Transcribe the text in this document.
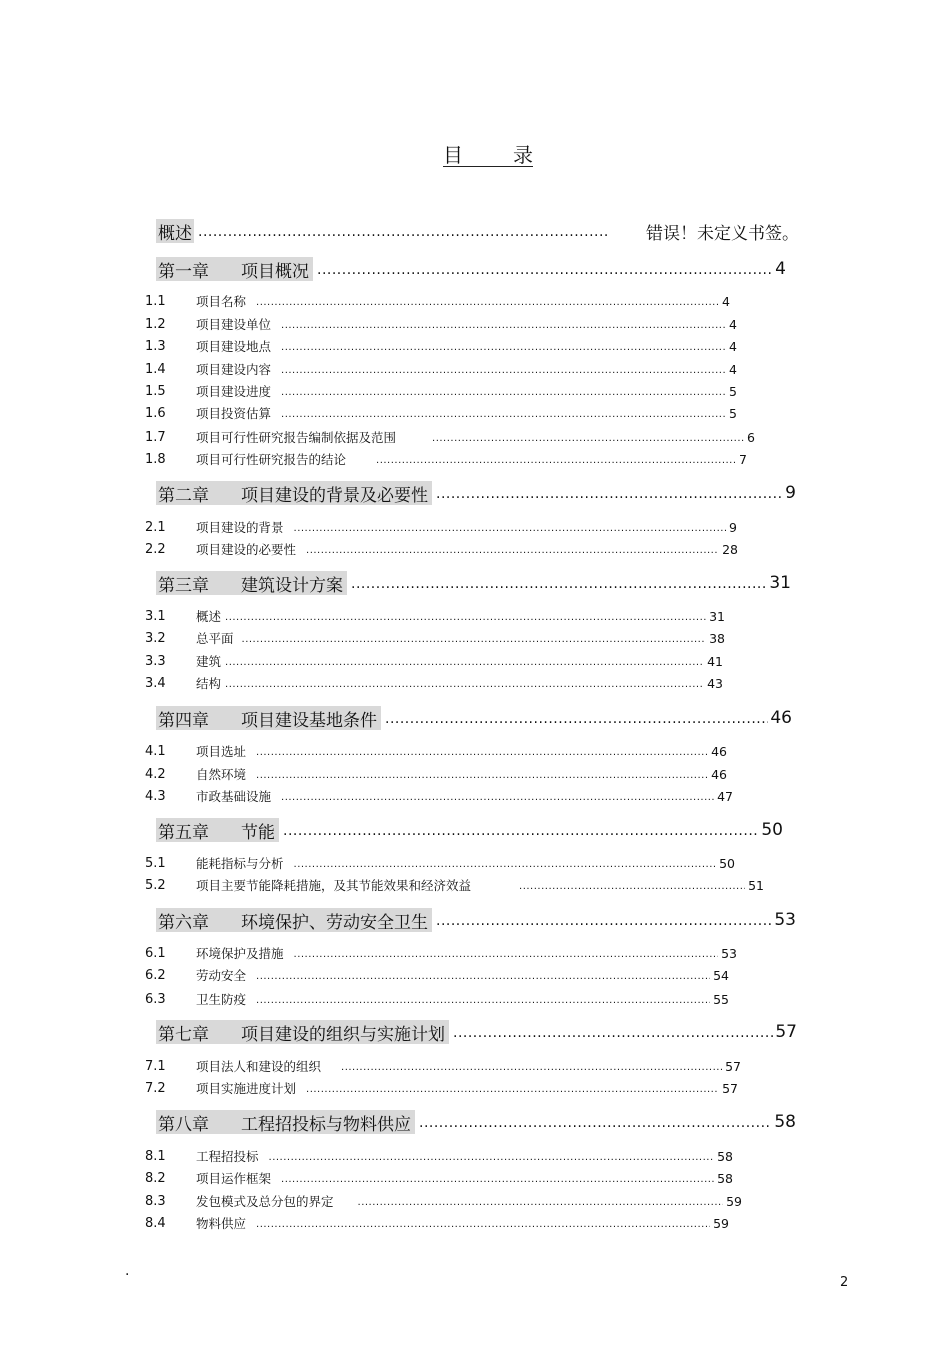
目	录
概述 .....	错误！未定义书签。
第一章 项目概况 .....	4
1.1	项目名称 .....	4
1.2	项目建设单位 .....	4
1.3	项目建设地点 .....	4
1.4	项目建设内容 .....	4
1.5	项目建设进度 .....	5
1.6	项目投资估算 .....	5
1.7	项目可行性研究报告编制依据及范围 .....	6
1.8	项目可行性研究报告的结论 .....	7
第二章 项目建设的背景及必要性 .....	9
2.1	项目建设的背景 .....	9
2.2	项目建设的必要性 .....	28
第三章 建筑设计方案 .....	31
3.1	概述 .....	31
3.2	总平面 .....	38
3.3	建筑 .....	41
3.4	结构 .....	43
第四章 项目建设基地条件 .....	46
4.1	项目选址 .....	46
4.2	自然环境 .....	46
4.3	市政基础设施 .....	47
第五章 节能 .....	50
5.1	能耗指标与分析 .....	50
5.2	项目主要节能降耗措施，及其节能效果和经济效益 .....	51
第六章 环境保护、劳动安全卫生 .....	53
6.1	环境保护及措施 .....	53
6.2	劳动安全 .....	54
6.3	卫生防疫 .....	55
第七章 项目建设的组织与实施计划 .....	57
7.1	项目法人和建设的组织 .....	57
7.2	项目实施进度计划 .....	57
第八章 工程招投标与物料供应 .....	58
8.1	工程招投标 .....	58
8.2	项目运作框架 .....	58
8.3	发包模式及总分包的界定 .....	59
8.4	物料供应 .....	59
.
2
